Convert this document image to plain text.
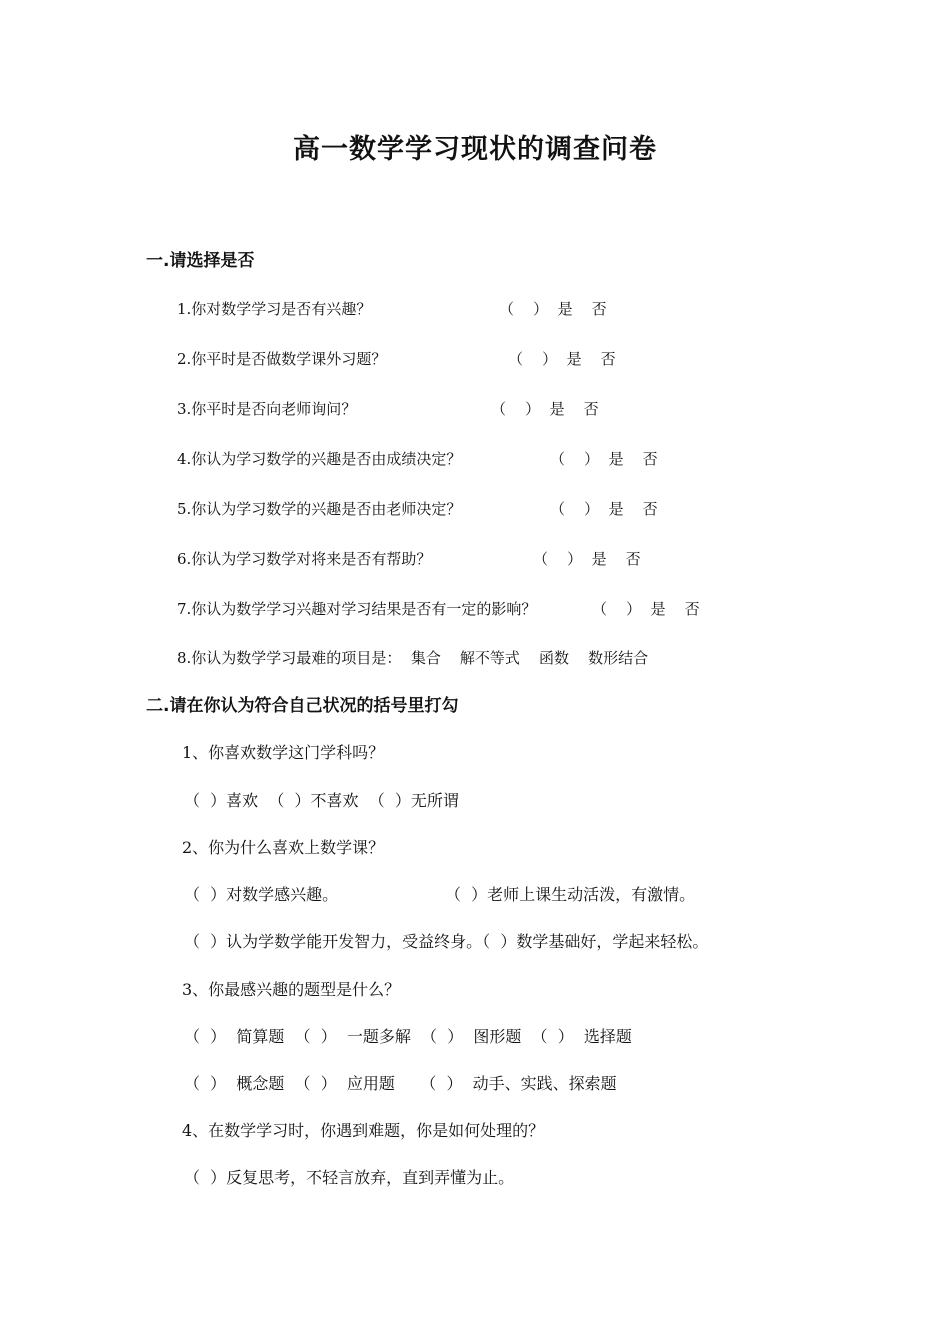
高一数学学习现状的调查问卷
一.请选择是否
1.你对数学学习是否有兴趣？	（    ）  是    否
2.你平时是否做数学课外习题？	（    ）  是    否
3.你平时是否向老师询问？	（    ）  是    否
4.你认为学习数学的兴趣是否由成绩决定？	（    ）  是    否
5.你认为学习数学的兴趣是否由老师决定？	（    ）  是    否
6.你认为学习数学对将来是否有帮助？	（    ）  是    否
7.你认为数学学习兴趣对学习结果是否有一定的影响？	（    ）  是    否
8.你认为数学学习最难的项目是：  集合    解不等式    函数    数形结合
二.请在你认为符合自己状况的括号里打勾
1、你喜欢数学这门学科吗？
（  ）喜欢  （  ）不喜欢  （  ）无所谓
2、你为什么喜欢上数学课？
（  ）对数学感兴趣。	（  ）老师上课生动活泼，有激情。
（  ）认为学数学能开发智力，受益终身。（  ）数学基础好，学起来轻松。
3、你最感兴趣的题型是什么？
（  ）  简算题  （  ）  一题多解  （  ）  图形题  （  ）  选择题
（  ）  概念题  （  ）  应用题     （  ）  动手、实践、探索题
4、在数学学习时，你遇到难题，你是如何处理的？
（  ）反复思考，不轻言放弃，直到弄懂为止。
